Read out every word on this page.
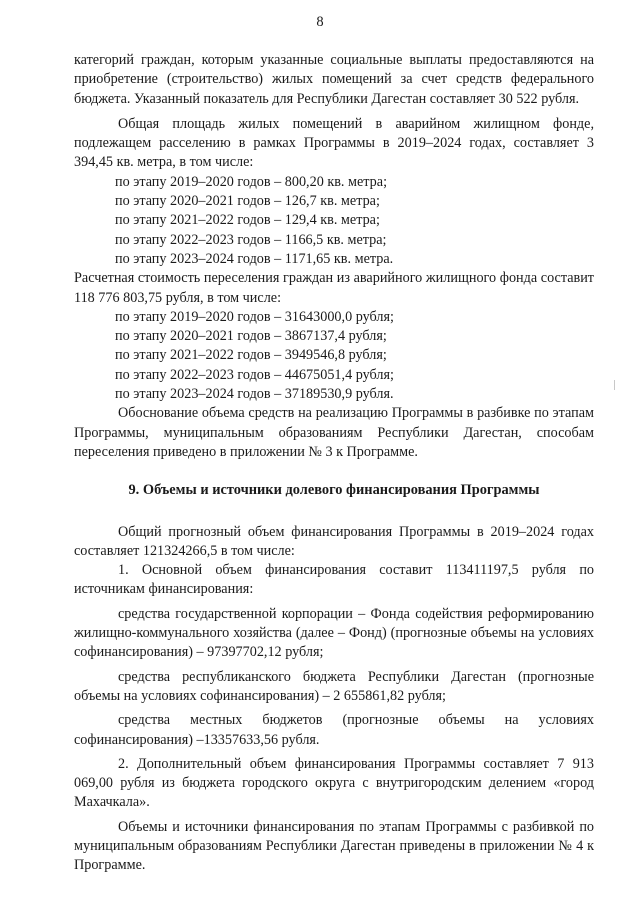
8

категорий граждан, которым указанные социальные выплаты предоставляются на приобретение (строительство) жилых помещений за счет средств федерального бюджета. Указанный показатель для Республики Дагестан составляет 30 522 рубля.

Общая площадь жилых помещений в аварийном жилищном фонде, подлежащем расселению в рамках Программы в 2019–2024 годах, составляет 3 394,45 кв. метра, в том числе:

по этапу 2019–2020 годов – 800,20 кв. метра;

по этапу 2020–2021 годов – 126,7 кв. метра;

по этапу 2021–2022 годов – 129,4 кв. метра;

по этапу 2022–2023 годов – 1166,5 кв. метра;

по этапу 2023–2024 годов – 1171,65 кв. метра.

Расчетная стоимость переселения граждан из аварийного жилищного фонда составит 118 776 803,75 рубля, в том числе:

по этапу 2019–2020 годов – 31643000,0 рубля;

по этапу 2020–2021 годов – 3867137,4 рубля;

по этапу 2021–2022 годов – 3949546,8 рубля;

по этапу 2022–2023 годов – 44675051,4 рубля;

по этапу 2023–2024 годов – 37189530,9 рубля.

Обоснование объема средств на реализацию Программы в разбивке по этапам Программы, муниципальным образованиям Республики Дагестан, способам переселения приведено в приложении № 3 к Программе.

9. Объемы и источники долевого финансирования Программы

Общий прогнозный объем финансирования Программы в 2019–2024 годах составляет 121324266,5 в том числе:

1. Основной объем финансирования составит 113411197,5 рубля по источникам финансирования:

средства государственной корпорации – Фонда содействия реформированию жилищно-коммунального хозяйства (далее – Фонд) (прогнозные объемы на условиях софинансирования) – 97397702,12 рубля;

средства республиканского бюджета Республики Дагестан (прогнозные объемы на условиях софинансирования) – 2 655861,82 рубля;

средства местных бюджетов (прогнозные объемы на условиях софинансирования) –13357633,56 рубля.

2. Дополнительный объем финансирования Программы составляет 7 913 069,00 рубля из бюджета городского округа с внутригородским делением «город Махачкала».

Объемы и источники финансирования по этапам Программы с разбивкой по муниципальным образованиям Республики Дагестан приведены в приложении № 4 к Программе.
